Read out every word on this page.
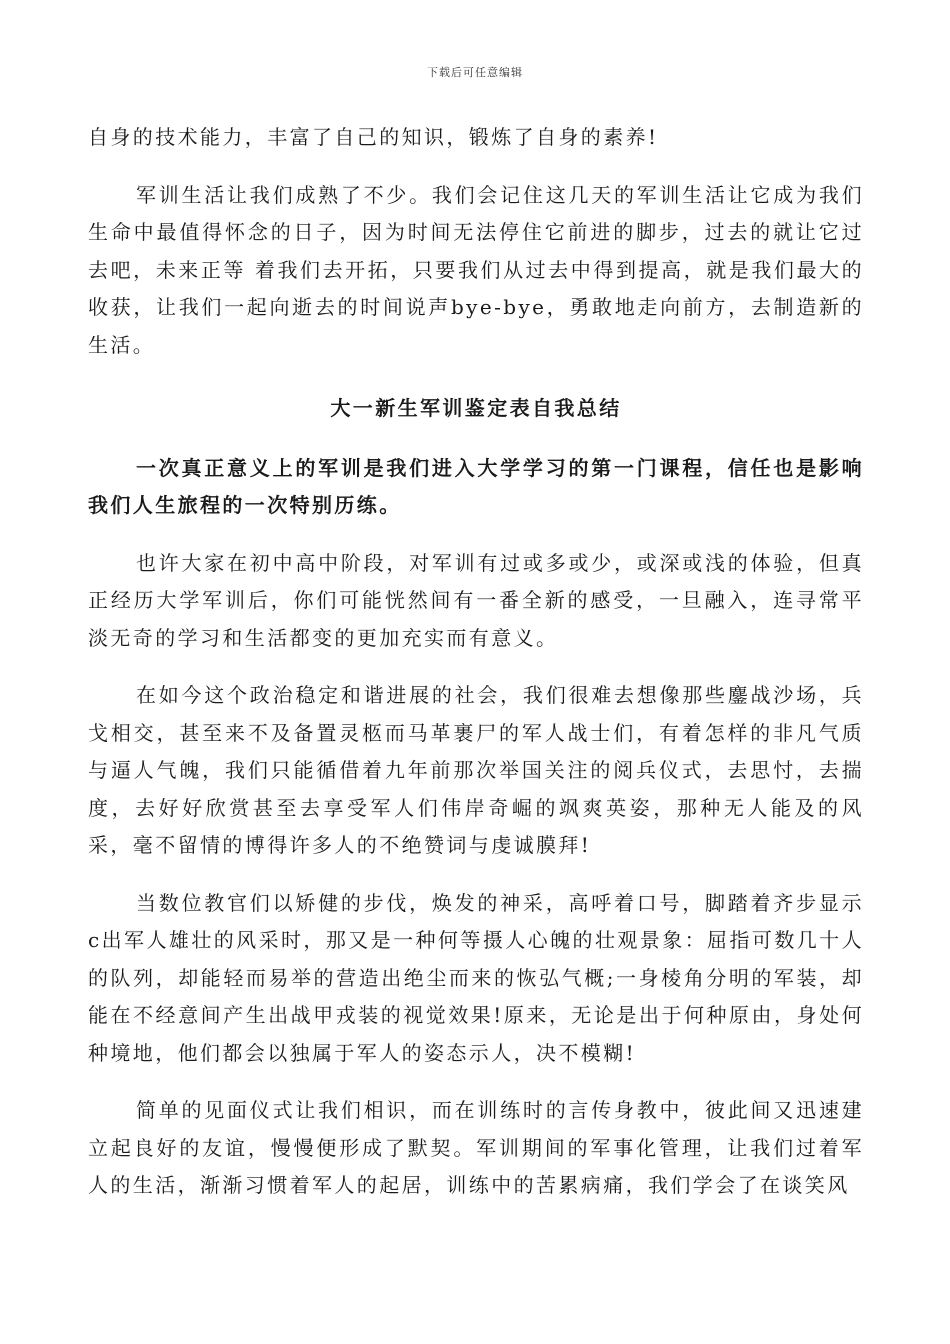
下载后可任意编辑

自身的技术能力，丰富了自己的知识，锻炼了自身的素养!

军训生活让我们成熟了不少。我们会记住这几天的军训生活让它成为我们生命中最值得怀念的日子，因为时间无法停住它前进的脚步，过去的就让它过去吧，未来正等 着我们去开拓，只要我们从过去中得到提高，就是我们最大的收获，让我们一起向逝去的时间说声bye-bye，勇敢地走向前方，去制造新的生活。

大一新生军训鉴定表自我总结

一次真正意义上的军训是我们进入大学学习的第一门课程，信任也是影响我们人生旅程的一次特别历练。

也许大家在初中高中阶段，对军训有过或多或少，或深或浅的体验，但真正经历大学军训后，你们可能恍然间有一番全新的感受，一旦融入，连寻常平淡无奇的学习和生活都变的更加充实而有意义。

在如今这个政治稳定和谐进展的社会，我们很难去想像那些鏖战沙场，兵戈相交，甚至来不及备置灵柩而马革裹尸的军人战士们，有着怎样的非凡气质与逼人气魄，我们只能循借着九年前那次举国关注的阅兵仪式，去思忖，去揣度，去好好欣赏甚至去享受军人们伟岸奇崛的飒爽英姿，那种无人能及的风采，毫不留情的博得许多人的不绝赞词与虔诚膜拜!

当数位教官们以矫健的步伐，焕发的神采，高呼着口号，脚踏着齐步显示c出军人雄壮的风采时，那又是一种何等摄人心魄的壮观景象：屈指可数几十人的队列，却能轻而易举的营造出绝尘而来的恢弘气概;一身棱角分明的军装，却能在不经意间产生出战甲戎装的视觉效果!原来，无论是出于何种原由，身处何种境地，他们都会以独属于军人的姿态示人，决不模糊!

简单的见面仪式让我们相识，而在训练时的言传身教中，彼此间又迅速建立起良好的友谊，慢慢便形成了默契。军训期间的军事化管理，让我们过着军人的生活，渐渐习惯着军人的起居，训练中的苦累病痛，我们学会了在谈笑风
